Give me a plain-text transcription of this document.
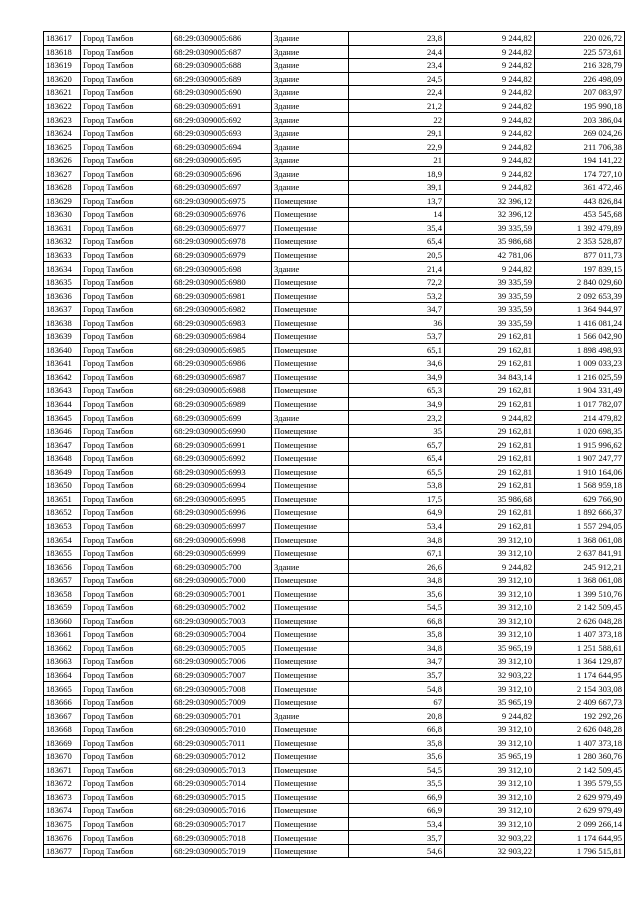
183617	Город Тамбов	68:29:0309005:686	Здание	23,8	9 244,82	220 026,72
183618	Город Тамбов	68:29:0309005:687	Здание	24,4	9 244,82	225 573,61
183619	Город Тамбов	68:29:0309005:688	Здание	23,4	9 244,82	216 328,79
183620	Город Тамбов	68:29:0309005:689	Здание	24,5	9 244,82	226 498,09
183621	Город Тамбов	68:29:0309005:690	Здание	22,4	9 244,82	207 083,97
183622	Город Тамбов	68:29:0309005:691	Здание	21,2	9 244,82	195 990,18
183623	Город Тамбов	68:29:0309005:692	Здание	22	9 244,82	203 386,04
183624	Город Тамбов	68:29:0309005:693	Здание	29,1	9 244,82	269 024,26
183625	Город Тамбов	68:29:0309005:694	Здание	22,9	9 244,82	211 706,38
183626	Город Тамбов	68:29:0309005:695	Здание	21	9 244,82	194 141,22
183627	Город Тамбов	68:29:0309005:696	Здание	18,9	9 244,82	174 727,10
183628	Город Тамбов	68:29:0309005:697	Здание	39,1	9 244,82	361 472,46
183629	Город Тамбов	68:29:0309005:6975	Помещение	13,7	32 396,12	443 826,84
183630	Город Тамбов	68:29:0309005:6976	Помещение	14	32 396,12	453 545,68
183631	Город Тамбов	68:29:0309005:6977	Помещение	35,4	39 335,59	1 392 479,89
183632	Город Тамбов	68:29:0309005:6978	Помещение	65,4	35 986,68	2 353 528,87
183633	Город Тамбов	68:29:0309005:6979	Помещение	20,5	42 781,06	877 011,73
183634	Город Тамбов	68:29:0309005:698	Здание	21,4	9 244,82	197 839,15
183635	Город Тамбов	68:29:0309005:6980	Помещение	72,2	39 335,59	2 840 029,60
183636	Город Тамбов	68:29:0309005:6981	Помещение	53,2	39 335,59	2 092 653,39
183637	Город Тамбов	68:29:0309005:6982	Помещение	34,7	39 335,59	1 364 944,97
183638	Город Тамбов	68:29:0309005:6983	Помещение	36	39 335,59	1 416 081,24
183639	Город Тамбов	68:29:0309005:6984	Помещение	53,7	29 162,81	1 566 042,90
183640	Город Тамбов	68:29:0309005:6985	Помещение	65,1	29 162,81	1 898 498,93
183641	Город Тамбов	68:29:0309005:6986	Помещение	34,6	29 162,81	1 009 033,23
183642	Город Тамбов	68:29:0309005:6987	Помещение	34,9	34 843,14	1 216 025,59
183643	Город Тамбов	68:29:0309005:6988	Помещение	65,3	29 162,81	1 904 331,49
183644	Город Тамбов	68:29:0309005:6989	Помещение	34,9	29 162,81	1 017 782,07
183645	Город Тамбов	68:29:0309005:699	Здание	23,2	9 244,82	214 479,82
183646	Город Тамбов	68:29:0309005:6990	Помещение	35	29 162,81	1 020 698,35
183647	Город Тамбов	68:29:0309005:6991	Помещение	65,7	29 162,81	1 915 996,62
183648	Город Тамбов	68:29:0309005:6992	Помещение	65,4	29 162,81	1 907 247,77
183649	Город Тамбов	68:29:0309005:6993	Помещение	65,5	29 162,81	1 910 164,06
183650	Город Тамбов	68:29:0309005:6994	Помещение	53,8	29 162,81	1 568 959,18
183651	Город Тамбов	68:29:0309005:6995	Помещение	17,5	35 986,68	629 766,90
183652	Город Тамбов	68:29:0309005:6996	Помещение	64,9	29 162,81	1 892 666,37
183653	Город Тамбов	68:29:0309005:6997	Помещение	53,4	29 162,81	1 557 294,05
183654	Город Тамбов	68:29:0309005:6998	Помещение	34,8	39 312,10	1 368 061,08
183655	Город Тамбов	68:29:0309005:6999	Помещение	67,1	39 312,10	2 637 841,91
183656	Город Тамбов	68:29:0309005:700	Здание	26,6	9 244,82	245 912,21
183657	Город Тамбов	68:29:0309005:7000	Помещение	34,8	39 312,10	1 368 061,08
183658	Город Тамбов	68:29:0309005:7001	Помещение	35,6	39 312,10	1 399 510,76
183659	Город Тамбов	68:29:0309005:7002	Помещение	54,5	39 312,10	2 142 509,45
183660	Город Тамбов	68:29:0309005:7003	Помещение	66,8	39 312,10	2 626 048,28
183661	Город Тамбов	68:29:0309005:7004	Помещение	35,8	39 312,10	1 407 373,18
183662	Город Тамбов	68:29:0309005:7005	Помещение	34,8	35 965,19	1 251 588,61
183663	Город Тамбов	68:29:0309005:7006	Помещение	34,7	39 312,10	1 364 129,87
183664	Город Тамбов	68:29:0309005:7007	Помещение	35,7	32 903,22	1 174 644,95
183665	Город Тамбов	68:29:0309005:7008	Помещение	54,8	39 312,10	2 154 303,08
183666	Город Тамбов	68:29:0309005:7009	Помещение	67	35 965,19	2 409 667,73
183667	Город Тамбов	68:29:0309005:701	Здание	20,8	9 244,82	192 292,26
183668	Город Тамбов	68:29:0309005:7010	Помещение	66,8	39 312,10	2 626 048,28
183669	Город Тамбов	68:29:0309005:7011	Помещение	35,8	39 312,10	1 407 373,18
183670	Город Тамбов	68:29:0309005:7012	Помещение	35,6	35 965,19	1 280 360,76
183671	Город Тамбов	68:29:0309005:7013	Помещение	54,5	39 312,10	2 142 509,45
183672	Город Тамбов	68:29:0309005:7014	Помещение	35,5	39 312,10	1 395 579,55
183673	Город Тамбов	68:29:0309005:7015	Помещение	66,9	39 312,10	2 629 979,49
183674	Город Тамбов	68:29:0309005:7016	Помещение	66,9	39 312,10	2 629 979,49
183675	Город Тамбов	68:29:0309005:7017	Помещение	53,4	39 312,10	2 099 266,14
183676	Город Тамбов	68:29:0309005:7018	Помещение	35,7	32 903,22	1 174 644,95
183677	Город Тамбов	68:29:0309005:7019	Помещение	54,6	32 903,22	1 796 515,81
